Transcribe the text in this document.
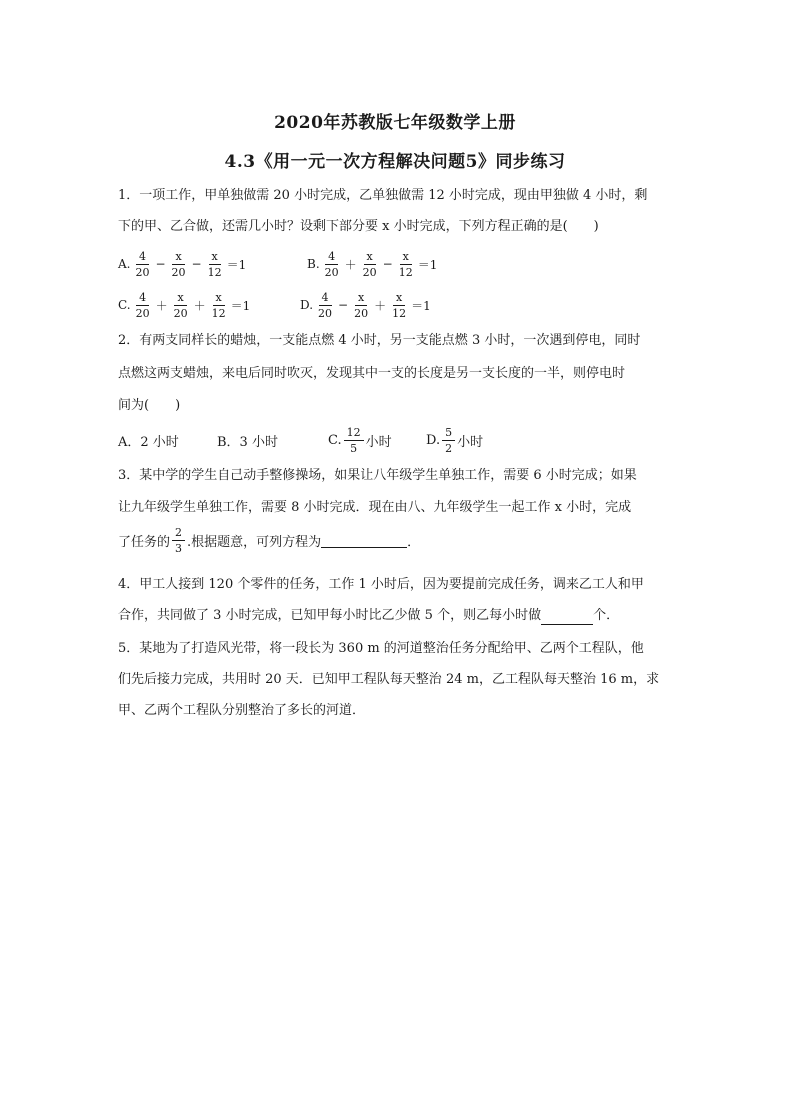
2020年苏教版七年级数学上册
4.3《用一元一次方程解决问题5》同步练习
1．一项工作，甲单独做需 20 小时完成，乙单独做需 12 小时完成，现由甲独做 4 小时，剩
下的甲、乙合做，还需几小时？设剩下部分要 x 小时完成，下列方程正确的是(　　)
A. $\frac{4}{20} - \frac{x}{20} - \frac{x}{12} =1$	B. $\frac{4}{20} + \frac{x}{20} - \frac{x}{12} =1$
C. $\frac{4}{20} + \frac{x}{20} + \frac{x}{12} =1$	D. $\frac{4}{20} - \frac{x}{20} + \frac{x}{12} =1$
2．有两支同样长的蜡烛，一支能点燃 4 小时，另一支能点燃 3 小时，一次遇到停电，同时
点燃这两支蜡烛，来电后同时吹灭，发现其中一支的长度是另一支长度的一半，则停电时
间为(　　)
A．2 小时	B．3 小时	C. $\frac{12}{5}$ 小时	D. $\frac{5}{2}$ 小时
3．某中学的学生自己动手整修操场，如果让八年级学生单独工作，需要 6 小时完成；如果
让九年级学生单独工作，需要 8 小时完成．现在由八、九年级学生一起工作 x 小时，完成
了任务的 $\frac{2}{3}$ .根据题意，可列方程为	．
4．甲工人接到 120 个零件的任务，工作 1 小时后，因为要提前完成任务，调来乙工人和甲
合作，共同做了 3 小时完成，已知甲每小时比乙少做 5 个，则乙每小时做	个．
5．某地为了打造风光带，将一段长为 360 m 的河道整治任务分配给甲、乙两个工程队，他
们先后接力完成，共用时 20 天．已知甲工程队每天整治 24 m，乙工程队每天整治 16 m，求
甲、乙两个工程队分别整治了多长的河道．
